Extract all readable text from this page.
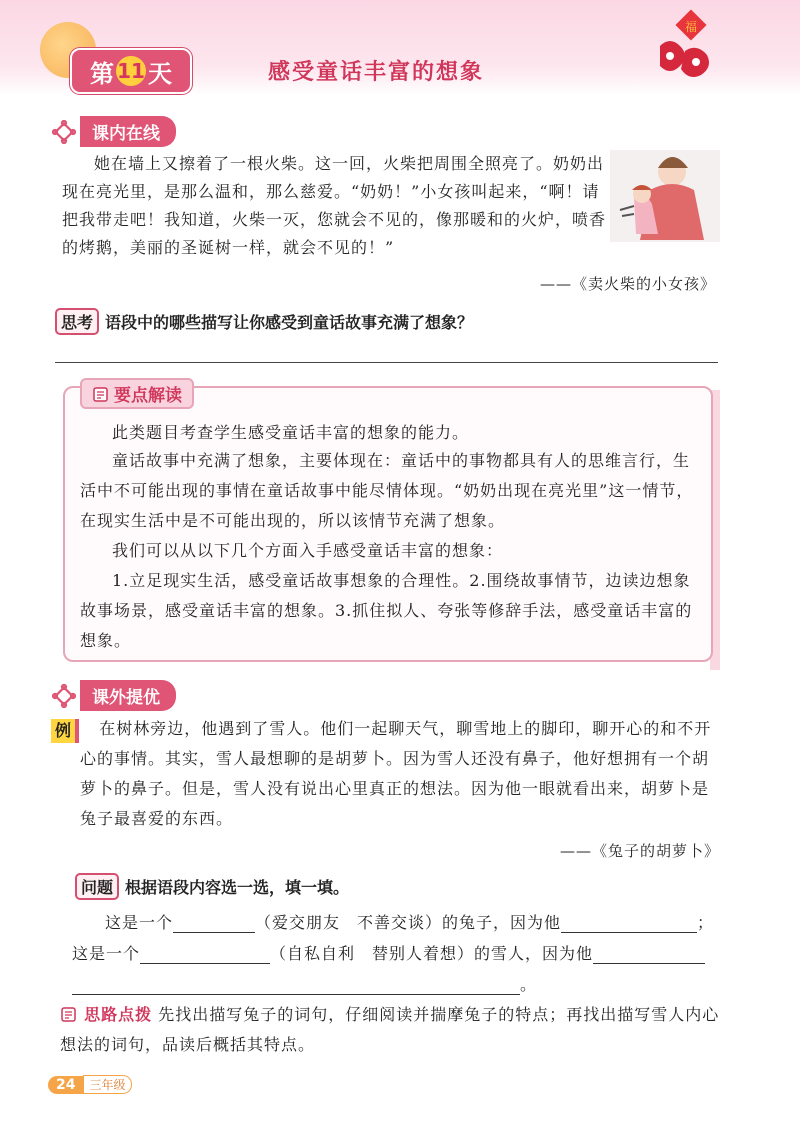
第 11 天	感受童话丰富的想象
福
课内在线
她在墙上又擦着了一根火柴。这一回，火柴把周围全照亮了。奶奶出现在亮光里，是那么温和，那么慈爱。“奶奶！”小女孩叫起来，“啊！请把我带走吧！我知道，火柴一灭，您就会不见的，像那暖和的火炉，喷香的烤鹅，美丽的圣诞树一样，就会不见的！”
——《卖火柴的小女孩》
思考 语段中的哪些描写让你感受到童话故事充满了想象？
要点解读
此类题目考查学生感受童话丰富的想象的能力。
童话故事中充满了想象，主要体现在：童话中的事物都具有人的思维言行，生活中不可能出现的事情在童话故事中能尽情体现。“奶奶出现在亮光里”这一情节，在现实生活中是不可能出现的，所以该情节充满了想象。
我们可以从以下几个方面入手感受童话丰富的想象：
1.立足现实生活，感受童话故事想象的合理性。2.围绕故事情节，边读边想象故事场景，感受童话丰富的想象。3.抓住拟人、夸张等修辞手法，感受童话丰富的想象。
课外提优
例	在树林旁边，他遇到了雪人。他们一起聊天气，聊雪地上的脚印，聊开心的和不开心的事情。其实，雪人最想聊的是胡萝卜。因为雪人还没有鼻子，他好想拥有一个胡萝卜的鼻子。但是，雪人没有说出心里真正的想法。因为他一眼就看出来，胡萝卜是兔子最喜爱的东西。
——《兔子的胡萝卜》
问题 根据语段内容选一选，填一填。
这是一个	（爱交朋友　不善交谈）的兔子，因为他	；
这是一个	（自私自利　替别人着想）的雪人，因为他
。
思路点拨 先找出描写兔子的词句，仔细阅读并揣摩兔子的特点；再找出描写雪人内心想法的词句，品读后概括其特点。
24	三年级
